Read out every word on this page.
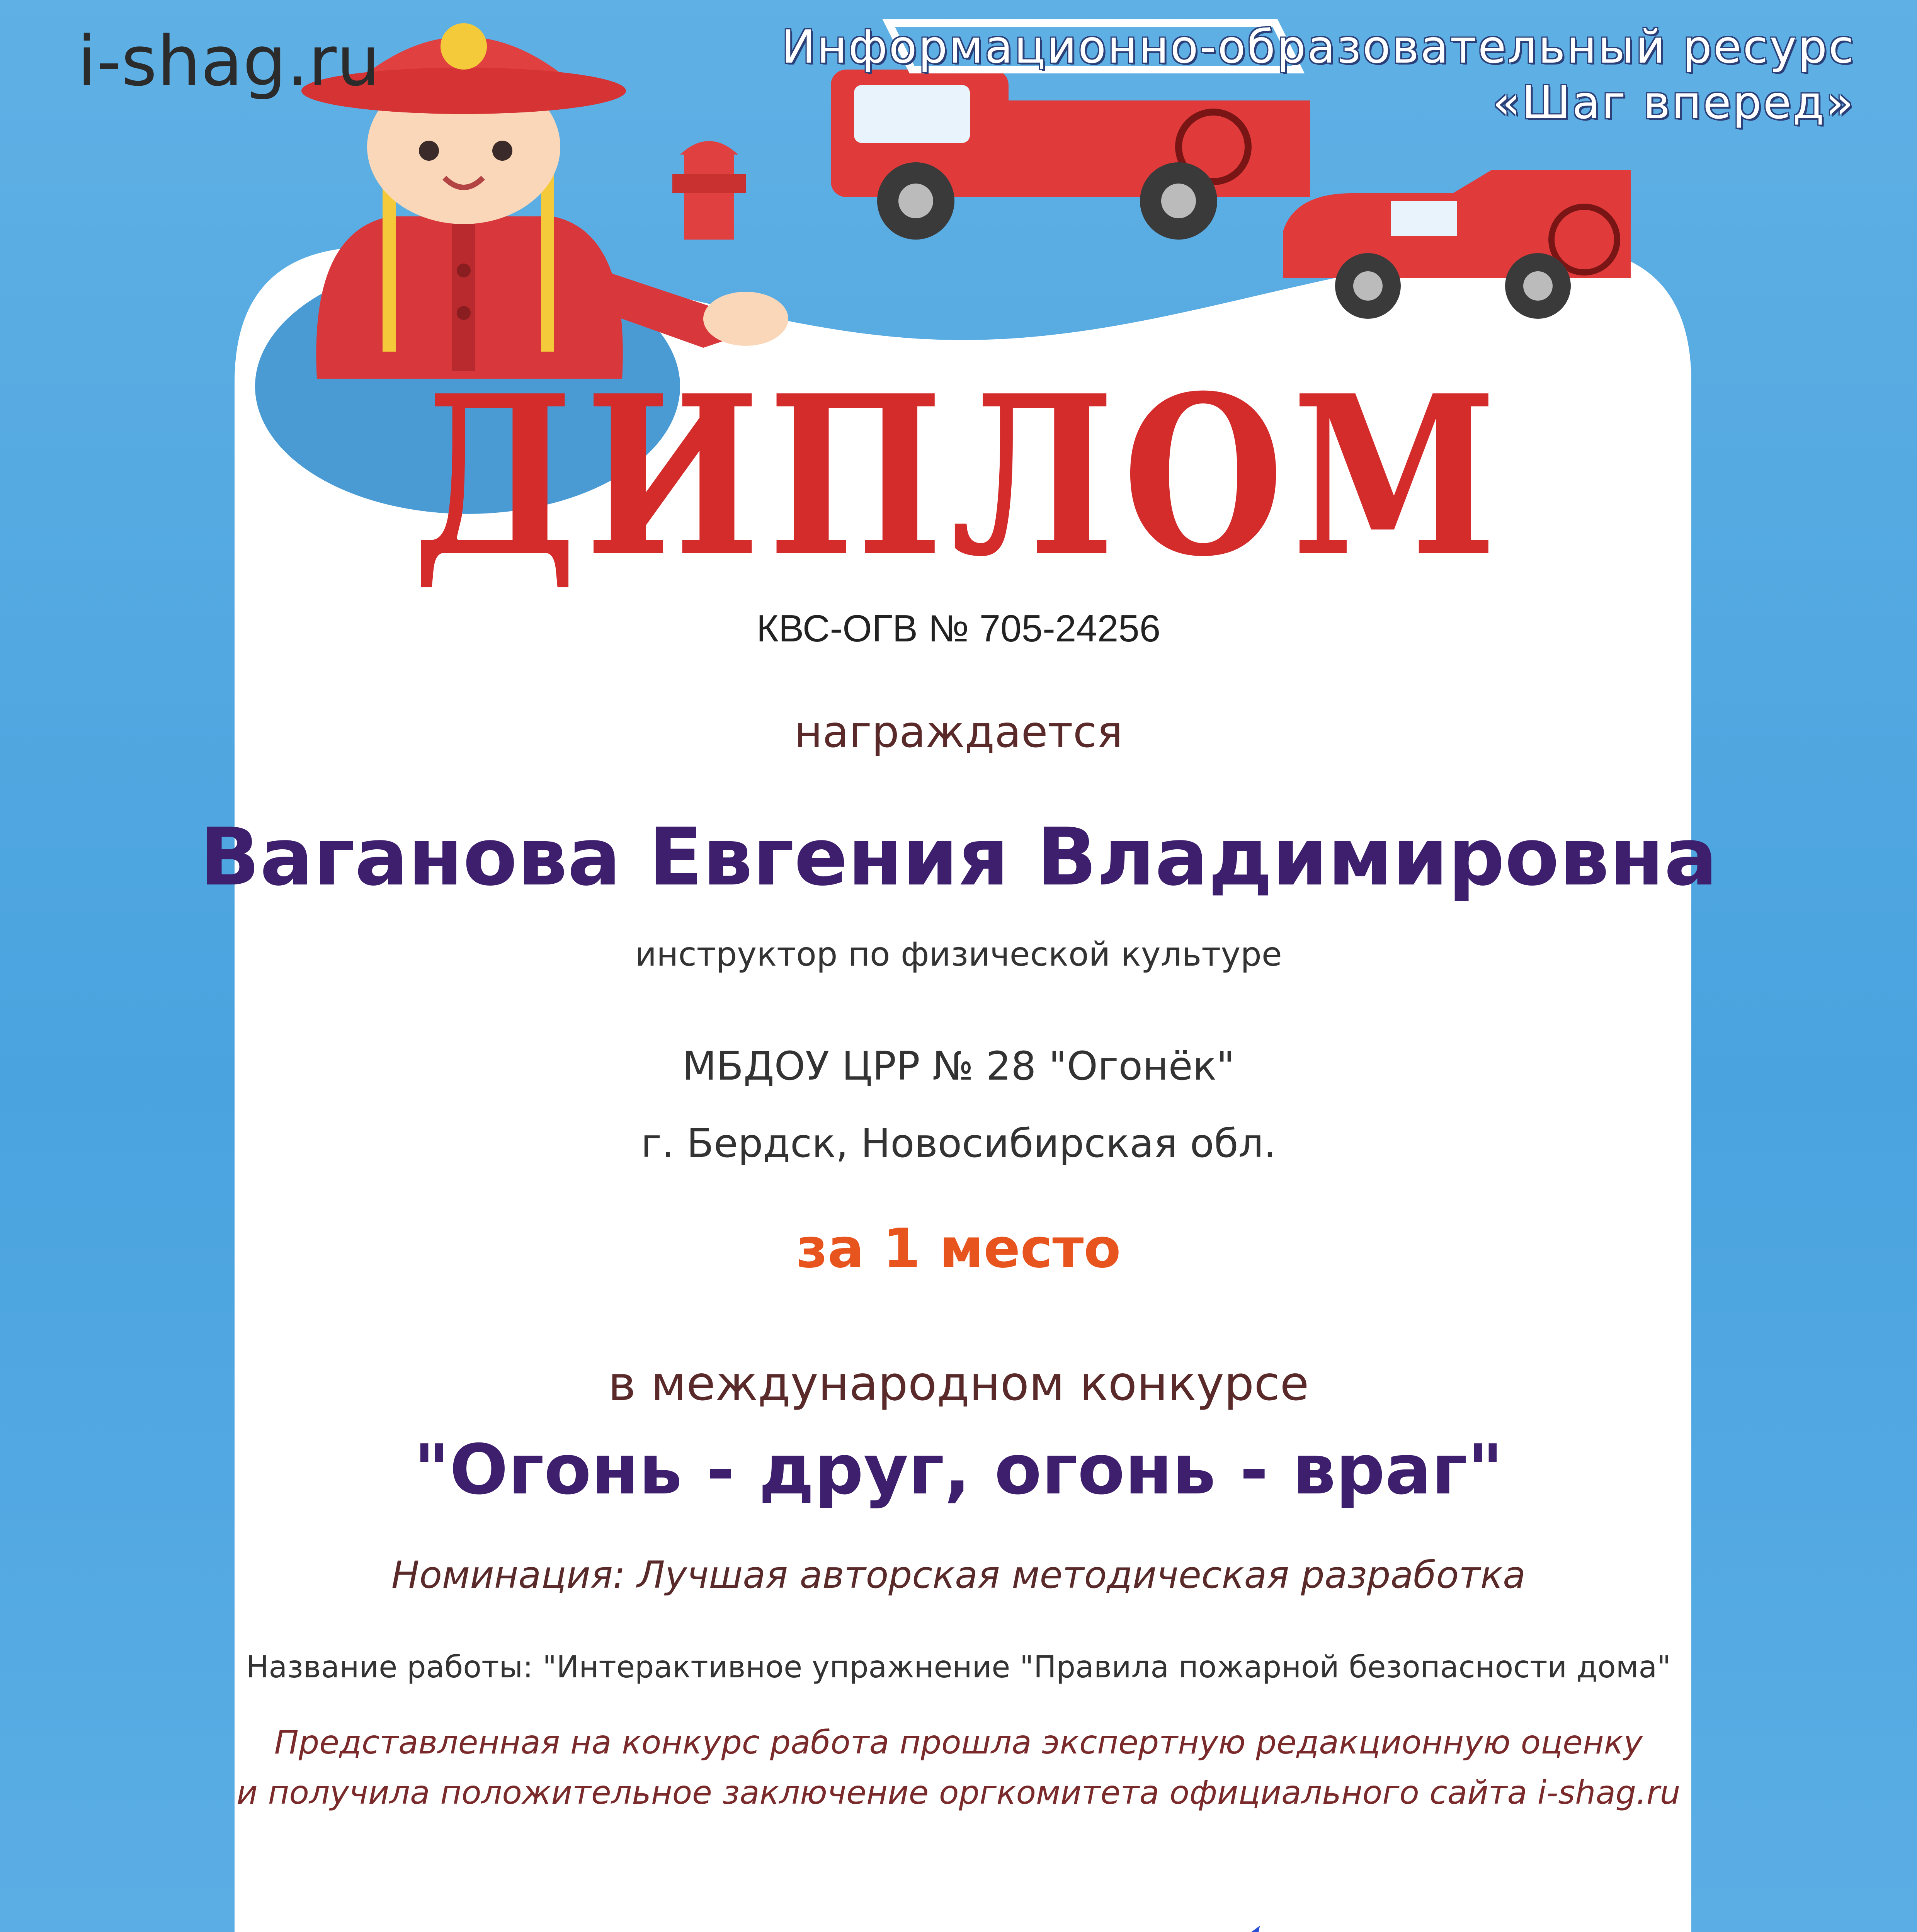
i-shag.ru	Информационно-образовательный ресурс
«Шаг вперед»
ДИПЛОМ
КВС-ОГВ № 705-24256
награждается
Ваганова Евгения Владимировна
инструктор по физической культуре
МБДОУ ЦРР № 28 "Огонёк"
г. Бердск, Новосибирская обл.
за 1 место
в международном конкурсе
"Огонь - друг, огонь - враг"
Номинация: Лучшая авторская методическая разработка
Название работы: "Интерактивное упражнение "Правила пожарной безопасности дома"
Представленная на конкурс работа прошла экспертную редакционную оценку
и получила положительное заключение оргкомитета официального сайта i-shag.ru
